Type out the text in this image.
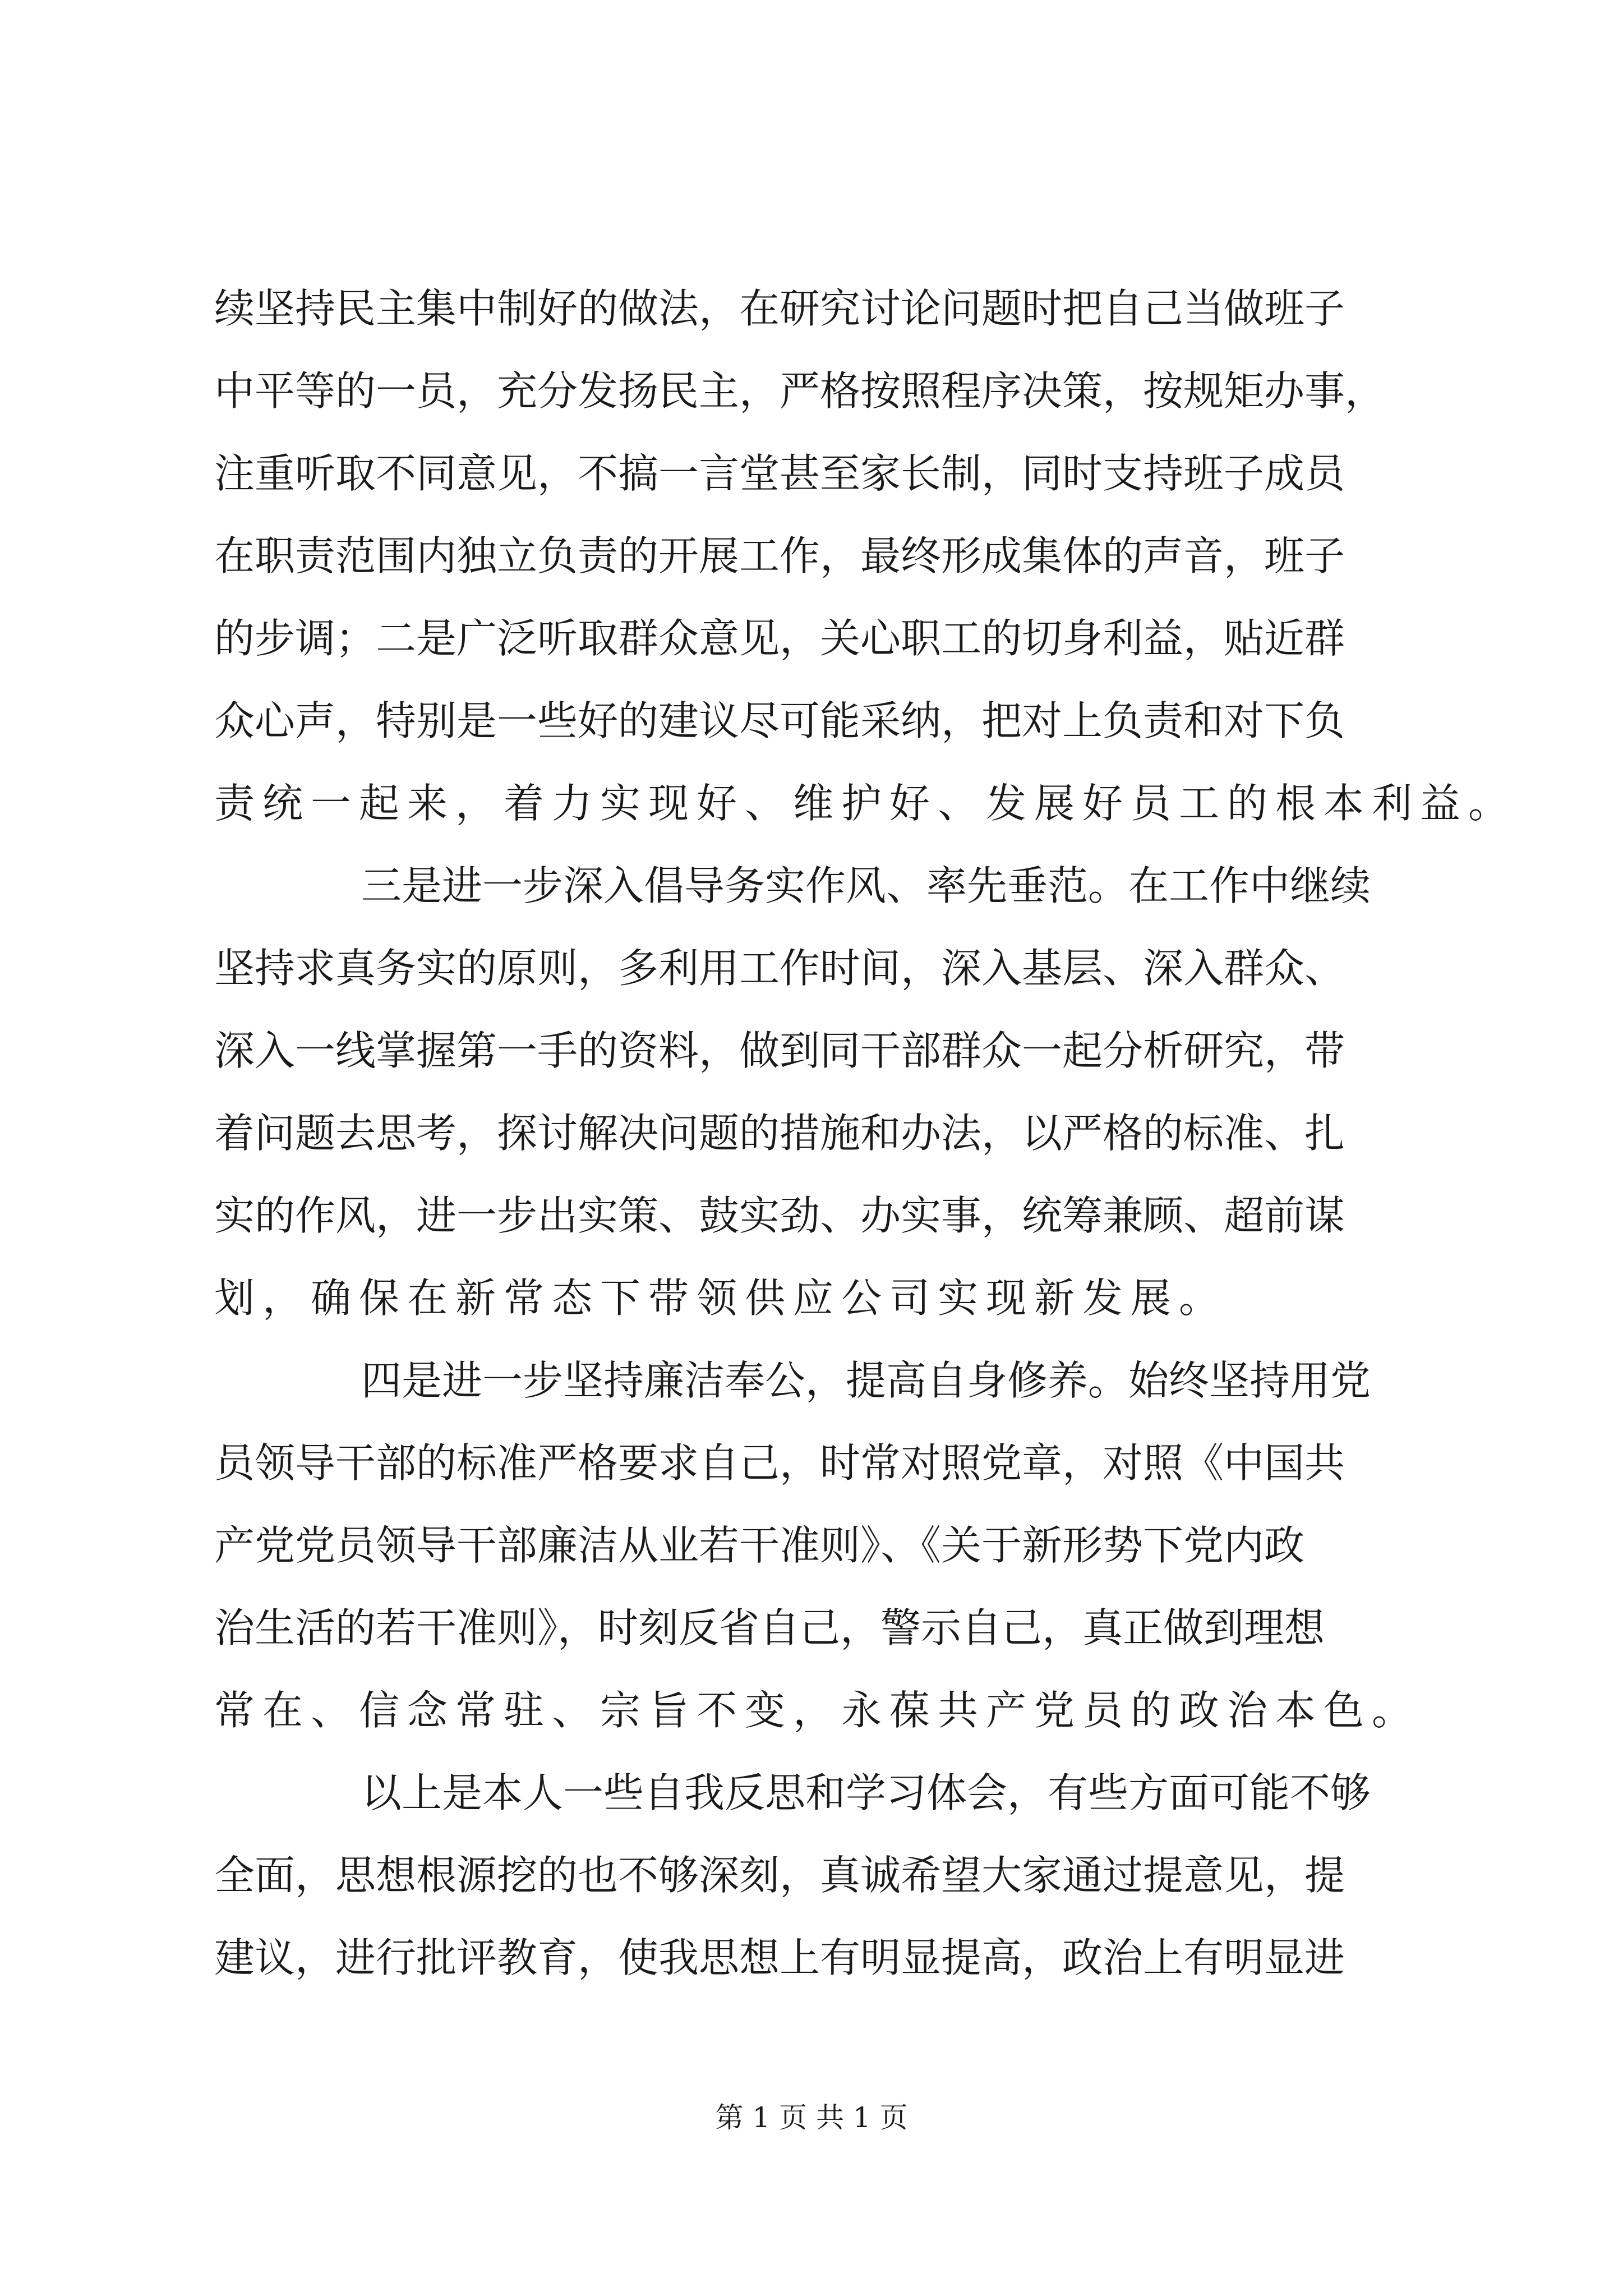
续坚持民主集中制好的做法，在研究讨论问题时把自己当做班子
中平等的一员，充分发扬民主，严格按照程序决策，按规矩办事，
注重听取不同意见，不搞一言堂甚至家长制，同时支持班子成员
在职责范围内独立负责的开展工作，最终形成集体的声音，班子
的步调；二是广泛听取群众意见，关心职工的切身利益，贴近群
众心声，特别是一些好的建议尽可能采纳，把对上负责和对下负
责统一起来，着力实现好、维护好、发展好员工的根本利益。
三是进一步深入倡导务实作风、率先垂范。在工作中继续
坚持求真务实的原则，多利用工作时间，深入基层、深入群众、
深入一线掌握第一手的资料，做到同干部群众一起分析研究，带
着问题去思考，探讨解决问题的措施和办法，以严格的标准、扎
实的作风，进一步出实策、鼓实劲、办实事，统筹兼顾、超前谋
划，确保在新常态下带领供应公司实现新发展。
四是进一步坚持廉洁奉公，提高自身修养。始终坚持用党
员领导干部的标准严格要求自己，时常对照党章，对照《中国共
产党党员领导干部廉洁从业若干准则》、《关于新形势下党内政
治生活的若干准则》，时刻反省自己，警示自己，真正做到理想
常在、信念常驻、宗旨不变，永葆共产党员的政治本色。
以上是本人一些自我反思和学习体会，有些方面可能不够
全面，思想根源挖的也不够深刻，真诚希望大家通过提意见，提
建议，进行批评教育，使我思想上有明显提高，政治上有明显进
第 1 页 共 1 页
